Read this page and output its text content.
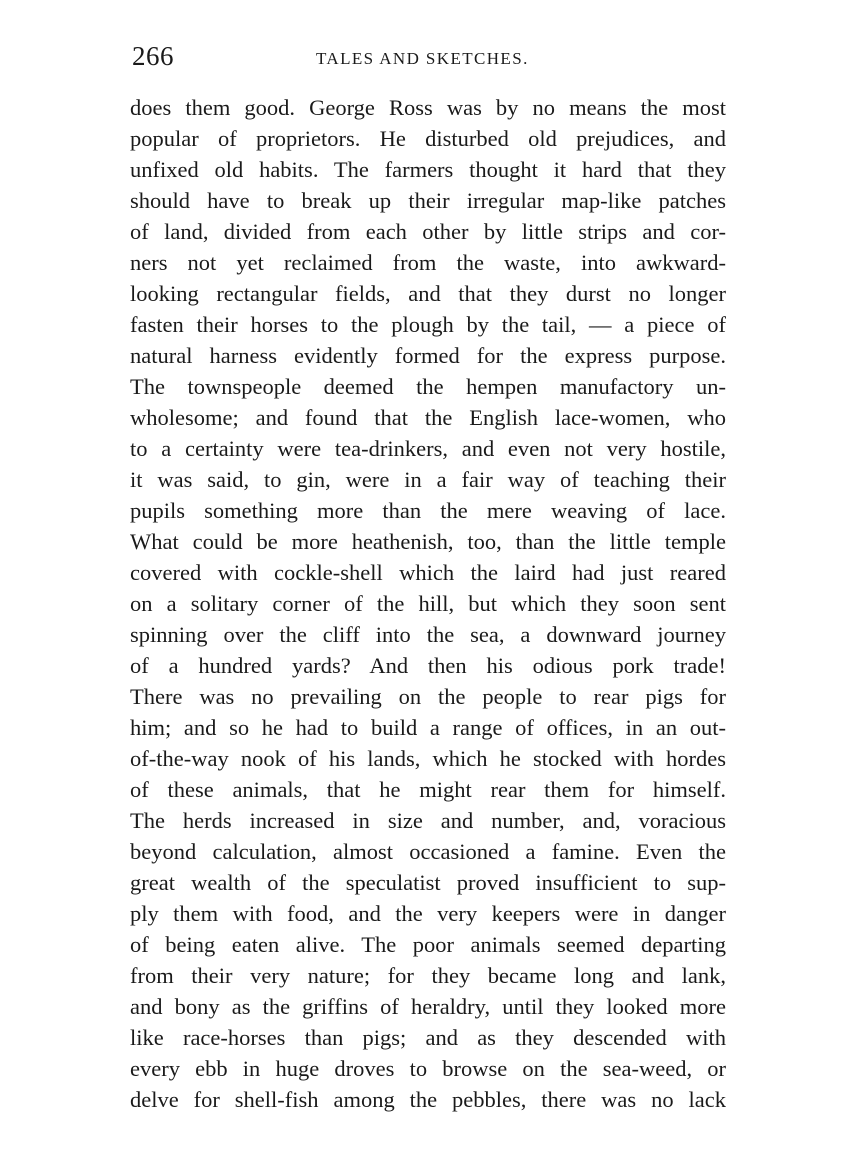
266	TALES AND SKETCHES.
does them good. George Ross was by no means the most
popular of proprietors. He disturbed old prejudices, and
unfixed old habits. The farmers thought it hard that they
should have to break up their irregular map-like patches
of land, divided from each other by little strips and cor-
ners not yet reclaimed from the waste, into awkward-
looking rectangular fields, and that they durst no longer
fasten their horses to the plough by the tail, — a piece of
natural harness evidently formed for the express purpose.
The townspeople deemed the hempen manufactory un-
wholesome; and found that the English lace-women, who
to a certainty were tea-drinkers, and even not very hostile,
it was said, to gin, were in a fair way of teaching their
pupils something more than the mere weaving of lace.
What could be more heathenish, too, than the little temple
covered with cockle-shell which the laird had just reared
on a solitary corner of the hill, but which they soon sent
spinning over the cliff into the sea, a downward journey
of a hundred yards? And then his odious pork trade!
There was no prevailing on the people to rear pigs for
him; and so he had to build a range of offices, in an out-
of-the-way nook of his lands, which he stocked with hordes
of these animals, that he might rear them for himself.
The herds increased in size and number, and, voracious
beyond calculation, almost occasioned a famine. Even the
great wealth of the speculatist proved insufficient to sup-
ply them with food, and the very keepers were in danger
of being eaten alive. The poor animals seemed departing
from their very nature; for they became long and lank,
and bony as the griffins of heraldry, until they looked more
like race-horses than pigs; and as they descended with
every ebb in huge droves to browse on the sea-weed, or
delve for shell-fish among the pebbles, there was no lack
